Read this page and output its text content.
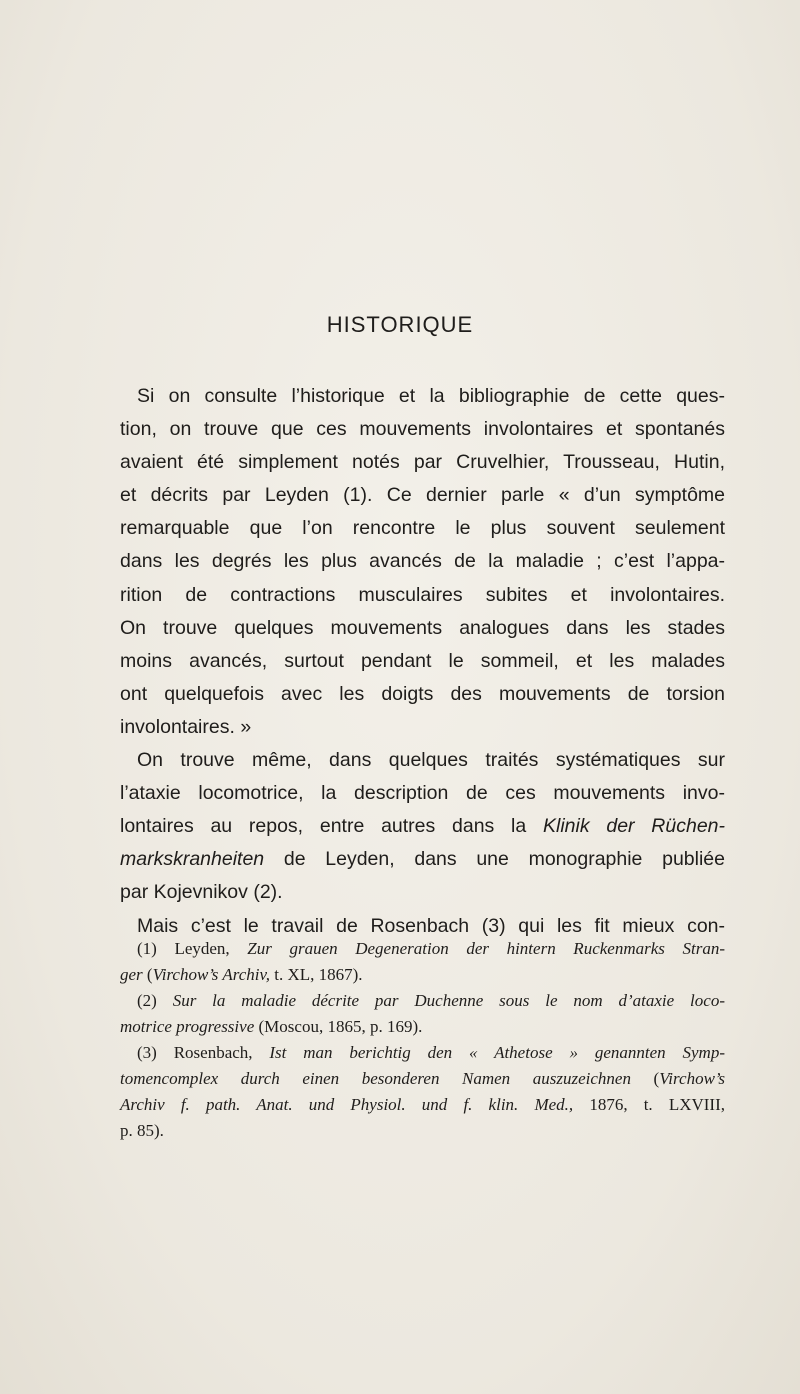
HISTORIQUE
Si on consulte l’historique et la bibliographie de cette ques-
tion, on trouve que ces mouvements involontaires et spontanés
avaient été simplement notés par Cruvelhier, Trousseau, Hutin,
et décrits par Leyden (1). Ce dernier parle « d’un symptôme
remarquable que l’on rencontre le plus souvent seulement
dans les degrés les plus avancés de la maladie ; c’est l’appa-
rition de contractions musculaires subites et involontaires.
On trouve quelques mouvements analogues dans les stades
moins avancés, surtout pendant le sommeil, et les malades
ont quelquefois avec les doigts des mouvements de torsion
involontaires. »
On trouve même, dans quelques traités systématiques sur
l’ataxie locomotrice, la description de ces mouvements invo-
lontaires au repos, entre autres dans la Klinik der Rüchen-
markskranheiten de Leyden, dans une monographie publiée
par Kojevnikov (2).
Mais c’est le travail de Rosenbach (3) qui les fit mieux con-
(1) Leyden, Zur grauen Degeneration der hintern Ruckenmarks Stran-
ger (Virchow’s Archiv, t. XL, 1867).
(2) Sur la maladie décrite par Duchenne sous le nom d’ataxie loco-
motrice progressive (Moscou, 1865, p. 169).
(3) Rosenbach, Ist man berichtig den « Athetose » genannten Symp-
tomencomplex durch einen besonderen Namen auszuzeichnen (Virchow’s
Archiv f. path. Anat. und Physiol. und f. klin. Med., 1876, t. LXVIII,
p. 85).
